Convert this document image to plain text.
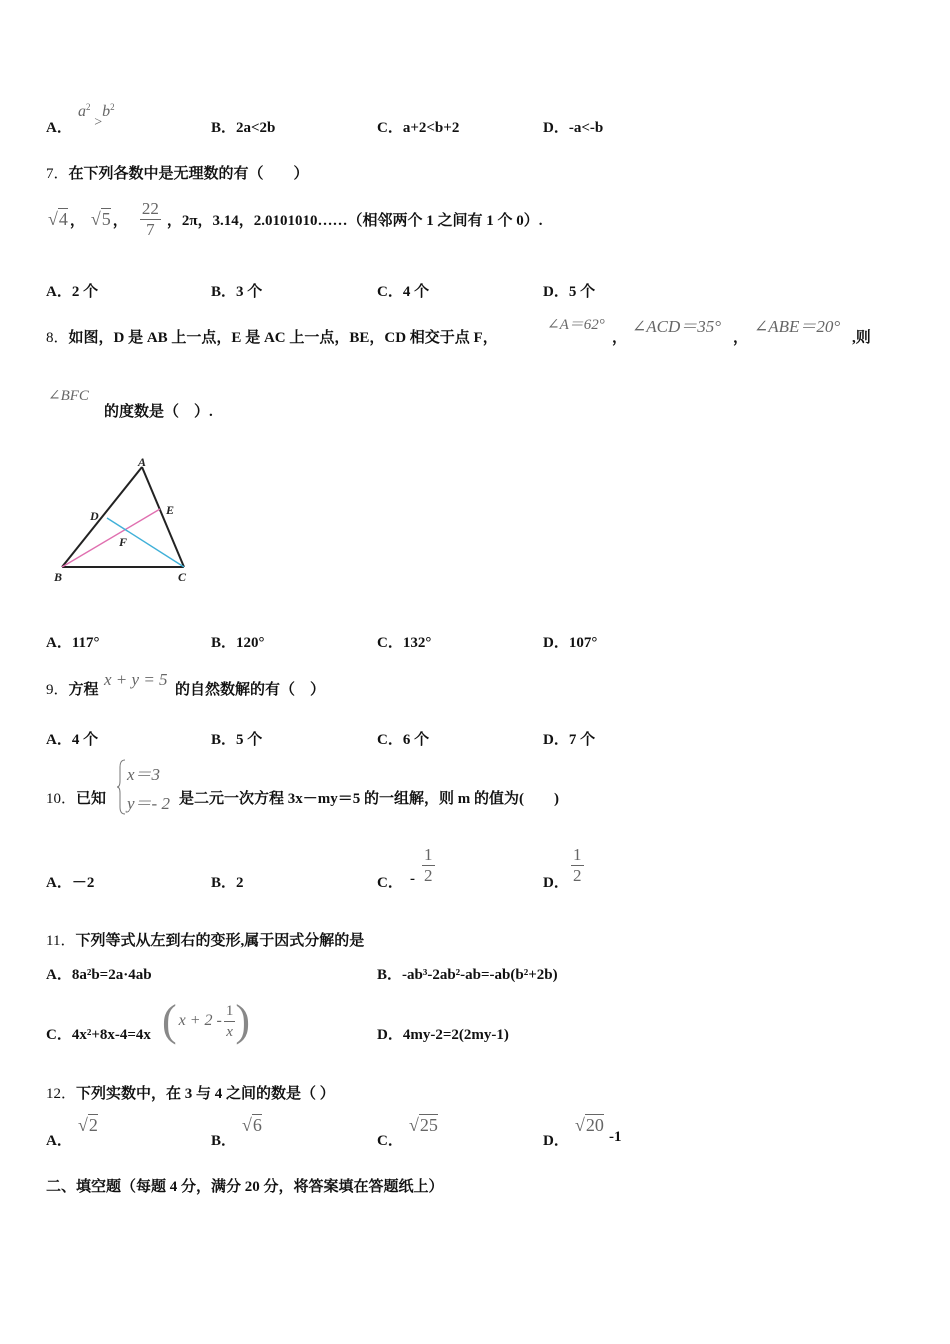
A．
$a^2 >b^2$
B．2a<2b	C．a+2<b+2	D．-a<-b
7．在下列各数中是无理数的有（　　）
√4 ， √5 ， $\frac{22}{7}$ ，2π，3.14，2.0101010……（相邻两个 1 之间有 1 个 0）.
A．2 个	B．3 个	C．4 个	D．5 个
8．如图，D 是 AB 上一点，E 是 AC 上一点，BE，CD 相交于点 F，
∠A＝62°
，
∠ACD＝35°
，
∠ABE＝20°
,则
∠BFC
的度数是（　）.
A
B	C
D	E
F
A．117°	B．120°	C．132°	D．107°
9．方程
x + y = 5
的自然数解的有（　）
A．4 个	B．5 个	C．6 个	D．7 个
10．已知
x＝3
y＝- 2 是二元一次方程 3x－my＝5 的一组解，则 m 的值为(　　)
A．－2	B．2	C． - $\frac{1}{2}$	D． $\frac{1}{2}$
11．下列等式从左到右的变形,属于因式分解的是
A．8a²b=2a·4ab	B．-ab³-2ab²-ab=-ab(b²+2b)
C．4x²+8x-4=4x ( $x + 2 - \frac{1}{x}$ )	D．4my-2=2(2my-1)
12．下列实数中，在 3 与 4 之间的数是（ ）
A．
√2
B．
√6
C．
√25
D．
√20
-1
二、填空题（每题 4 分，满分 20 分，将答案填在答题纸上）
